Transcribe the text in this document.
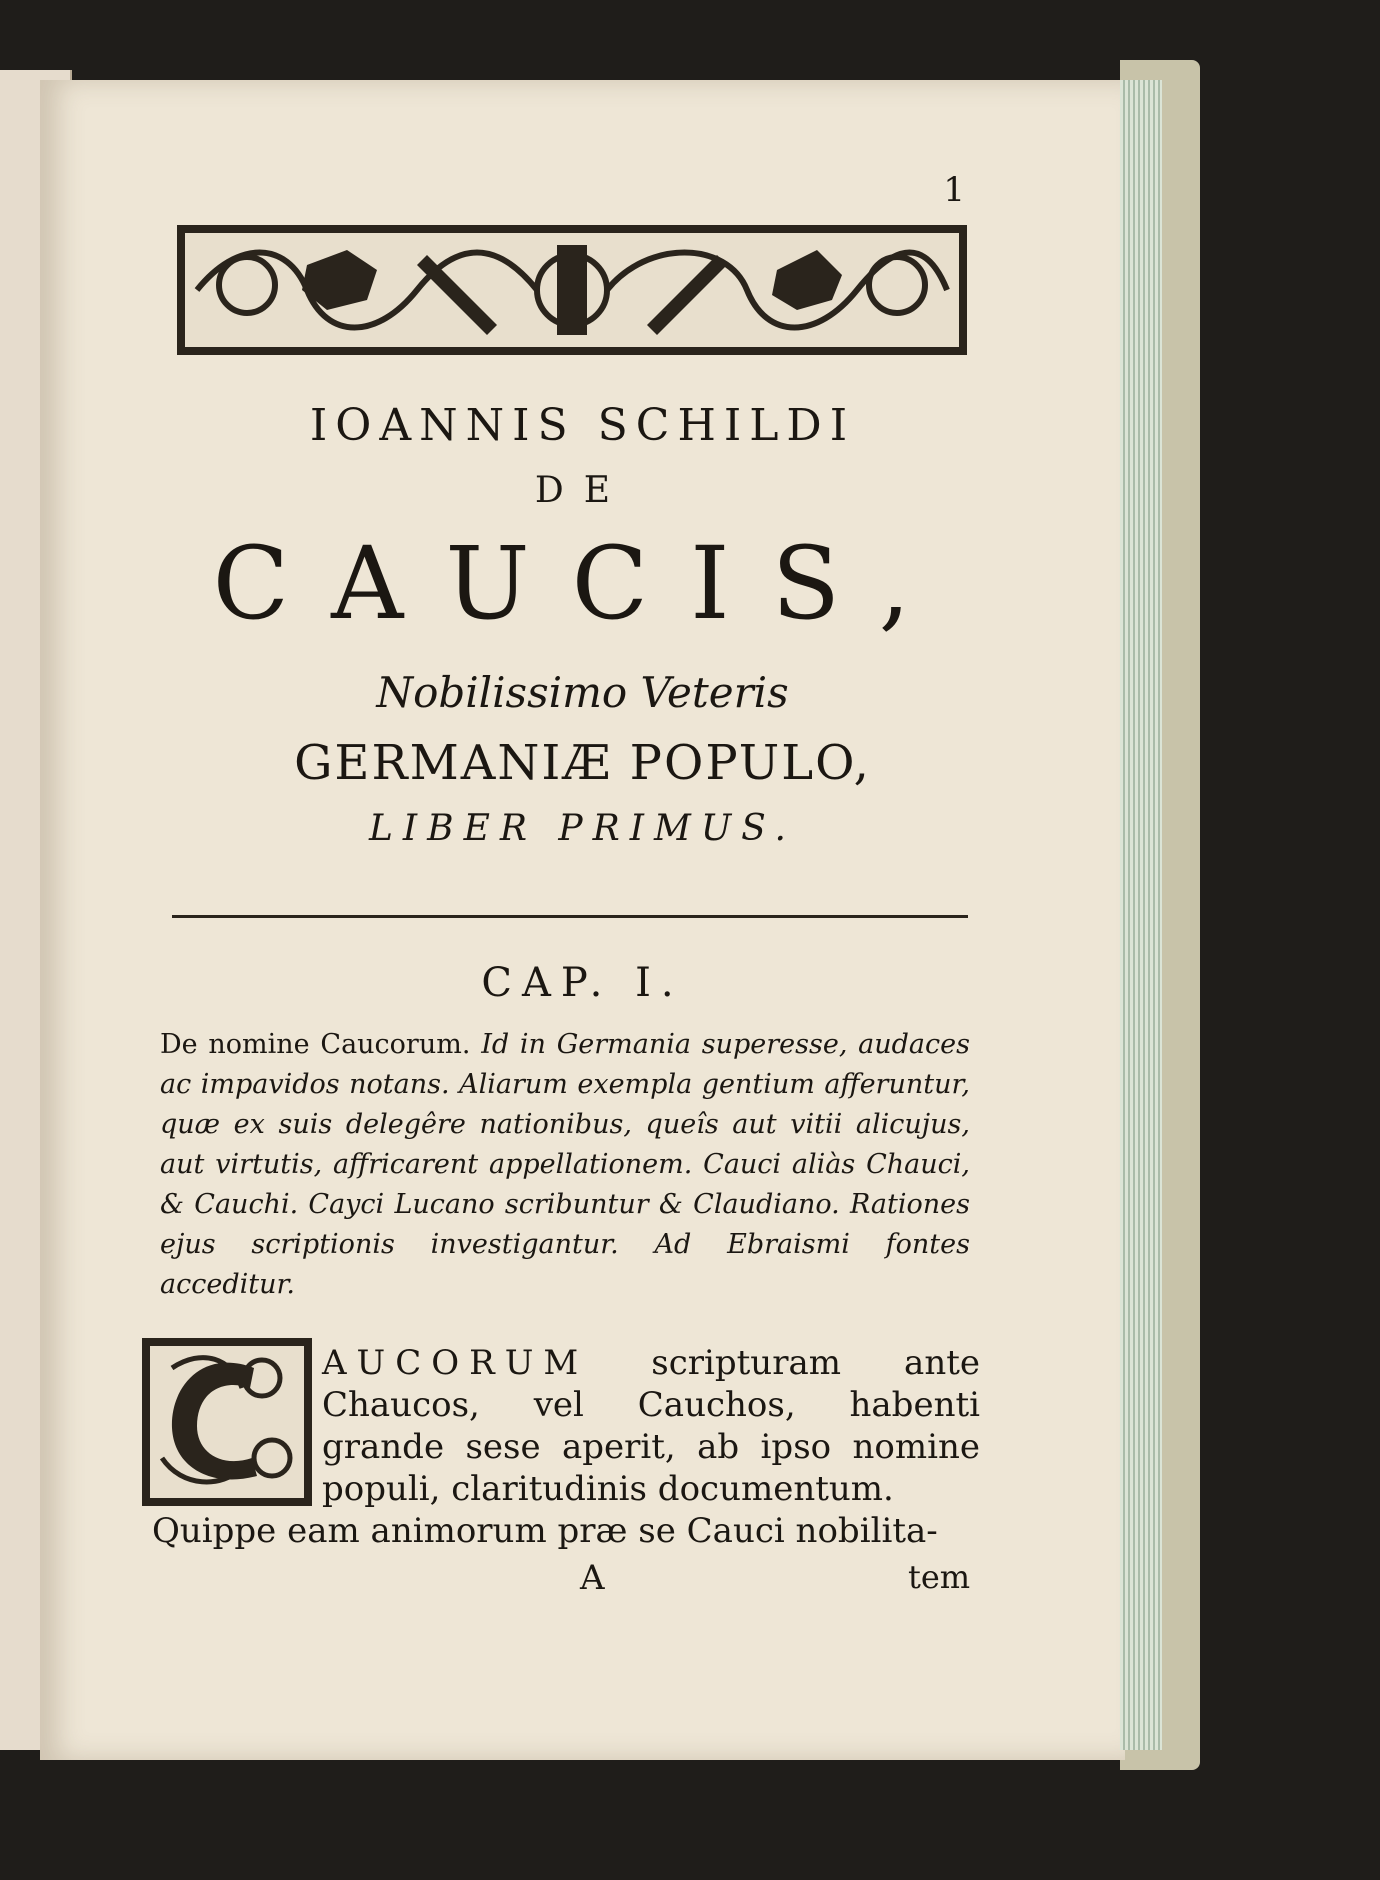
1
IOANNIS SCHILDI
DE
CAUCIS,
Nobilissimo Veteris
GERMANIÆ POPULO,
LIBER PRIMUS.
CAP. I.
De nomine Caucorum. Id in Germania superesse, audaces ac impavidos notans. Aliarum exempla gentium afferuntur, quæ ex suis delegêre nationibus, queîs aut vitii alicujus, aut virtutis, affricarent appellationem. Cauci aliàs Chauci, & Cauchi. Cayci Lucano scribuntur & Claudiano. Rationes ejus scriptionis investigantur. Ad Ebraismi fontes acceditur.
AUCORUM scripturam ante Chaucos, vel Cauchos, habenti grande sese aperit, ab ipso nomine populi, claritudinis documentum.
Quippe eam animorum præ se Cauci nobilita-
A	tem
